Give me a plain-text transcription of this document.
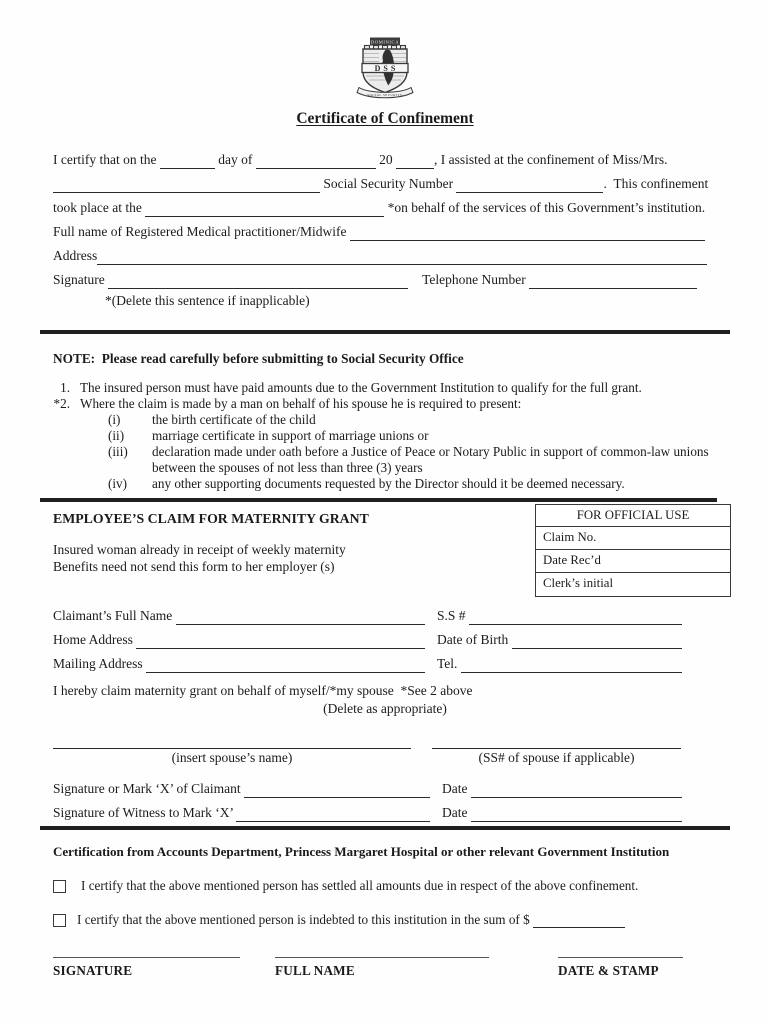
DOMINICA
DSS
SOCIAL SECURITY
Certificate of Confinement
I certify that on the	day of	20	, I assisted at the confinement of Miss/Mrs.
Social Security Number	.  This confinement
took place at the	*on behalf of the services of this Government’s institution.
Full name of Registered Medical practitioner/Midwife
Address
Signature	Telephone Number
*(Delete this sentence if inapplicable)
NOTE:  Please read carefully before submitting to Social Security Office
1. The insured person must have paid amounts due to the Government Institution to qualify for the full grant.
*2. Where the claim is made by a man on behalf of his spouse he is required to present:
(i)	the birth certificate of the child
(ii)	marriage certificate in support of marriage unions or
(iii)	declaration made under oath before a Justice of Peace or Notary Public in support of common-law unions
between the spouses of not less than three (3) years
(iv)	any other supporting documents requested by the Director should it be deemed necessary.
FOR OFFICIAL USE
Claim No.
Date Rec’d
Clerk’s initial
EMPLOYEE’S CLAIM FOR MATERNITY GRANT
Insured woman already in receipt of weekly maternity
Benefits need not send this form to her employer (s)
Claimant’s Full Name	S.S #
Home Address	Date of Birth
Mailing Address	Tel.
I hereby claim maternity grant on behalf of myself/*my spouse  *See 2 above
(Delete as appropriate)
(insert spouse’s name)	(SS# of spouse if applicable)
Signature or Mark ‘X’ of Claimant	Date
Signature of Witness to Mark ‘X’	Date
Certification from Accounts Department, Princess Margaret Hospital or other relevant Government Institution
I certify that the above mentioned person has settled all amounts due in respect of the above confinement.
I certify that the above mentioned person is indebted to this institution in the sum of $
SIGNATURE	FULL NAME	DATE & STAMP
